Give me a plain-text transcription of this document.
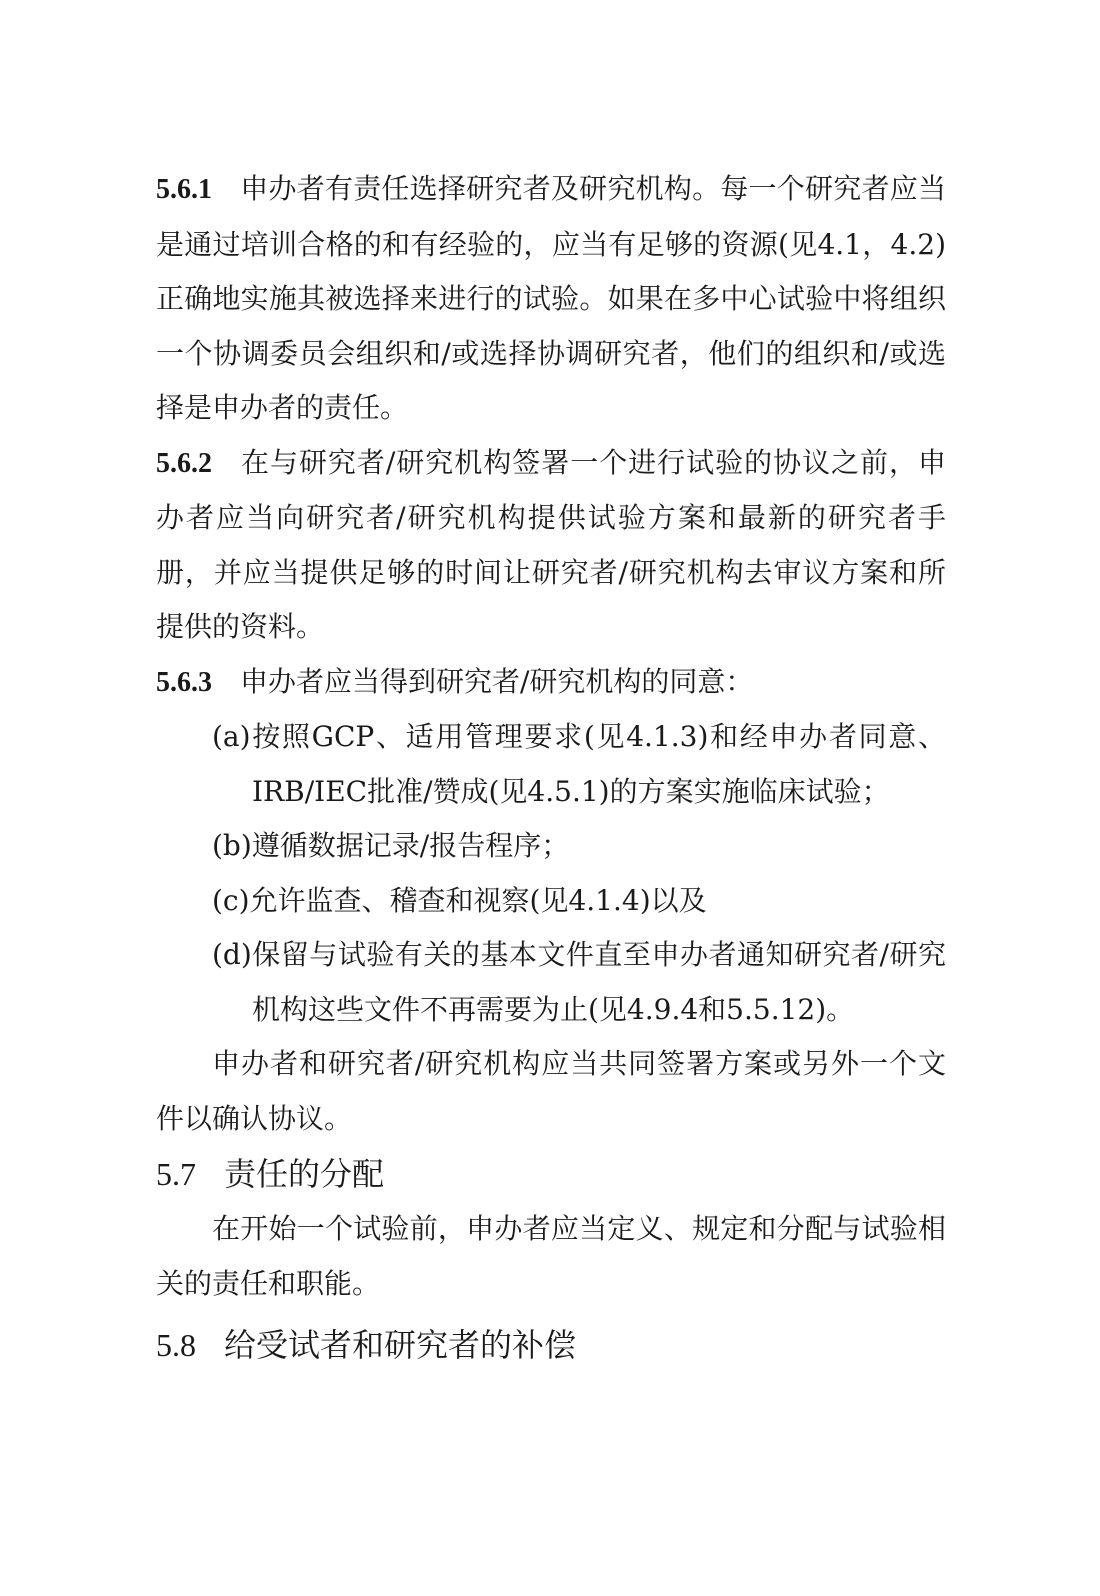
5.6.1 申办者有责任选择研究者及研究机构。每一个研究者应当是通过培训合格的和有经验的，应当有足够的资源(见4.1，4.2)正确地实施其被选择来进行的试验。如果在多中心试验中将组织一个协调委员会组织和/或选择协调研究者，他们的组织和/或选择是申办者的责任。

5.6.2 在与研究者/研究机构签署一个进行试验的协议之前，申办者应当向研究者/研究机构提供试验方案和最新的研究者手册，并应当提供足够的时间让研究者/研究机构去审议方案和所提供的资料。

5.6.3 申办者应当得到研究者/研究机构的同意：

(a)按照GCP、适用管理要求(见4.1.3)和经申办者同意、IRB/IEC批准/赞成(见4.5.1)的方案实施临床试验；

(b)遵循数据记录/报告程序；

(c)允许监查、稽查和视察(见4.1.4)以及

(d)保留与试验有关的基本文件直至申办者通知研究者/研究机构这些文件不再需要为止(见4.9.4和5.5.12)。

申办者和研究者/研究机构应当共同签署方案或另外一个文件以确认协议。

5.7 责任的分配

在开始一个试验前，申办者应当定义、规定和分配与试验相关的责任和职能。

5.8 给受试者和研究者的补偿
